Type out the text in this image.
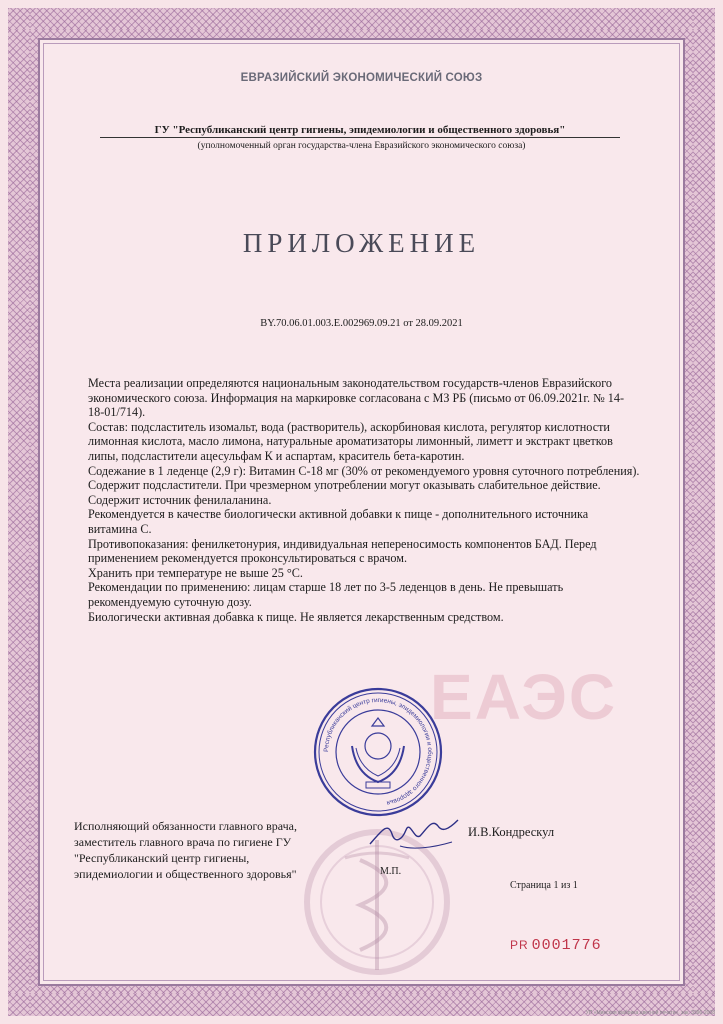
ЕВРАЗИЙСКИЙ ЭКОНОМИЧЕСКИЙ СОЮЗ
ГУ "Республиканский центр гигиены, эпидемиологии и общественного здоровья"
(уполномоченный орган государства-члена Евразийского экономического союза)
ПРИЛОЖЕНИЕ
BY.70.06.01.003.E.002969.09.21 от 28.09.2021
ЕАЭС

Места реализации определяются национальным законодательством государств-членов Евразийского экономического союза. Информация на маркировке согласована с МЗ РБ (письмо от 06.09.2021г. № 14-18-01/714).

Состав: подсластитель изомальт, вода (растворитель), аскорбиновая кислота, регулятор кислотности лимонная кислота, масло лимона, натуральные ароматизаторы лимонный, лиметт и экстракт цветков липы, подсластители ацесульфам К и аспартам, краситель бета-каротин.

Содежание в 1 леденце (2,9 г): Витамин С-18 мг (30% от рекомендуемого уровня суточного потребления).

Содержит подсластители. При чрезмерном употреблении могут оказывать слабительное действие. Содержит источник фенилаланина.

Рекомендуется в качестве биологически активной добавки к пище - дополнительного источника витамина С.

Противопоказания: фенилкетонурия, индивидуальная непереносимость компонентов БАД. Перед применением рекомендуется проконсультироваться с врачом.

Хранить при температуре не выше 25 °С.

Рекомендации по применению: лицам старше 18 лет по 3-5 леденцов в день. Не превышать рекомендуемую суточную дозу.

Биологически активная добавка к пище. Не является лекарственным средством.

Республиканский центр гигиены, эпидемиологии и общественного здоровья
Исполняющий обязанности главного врача,
заместитель главного врача по гигиене ГУ
"Республиканский центр гигиены,
эпидемиологии и общественного здоровья"
И.В.Кондрескул
М.П.
Страница 1 из 1
PR 0001776
УП «Минская фабрика цветной печати», зак. 3396-2008
